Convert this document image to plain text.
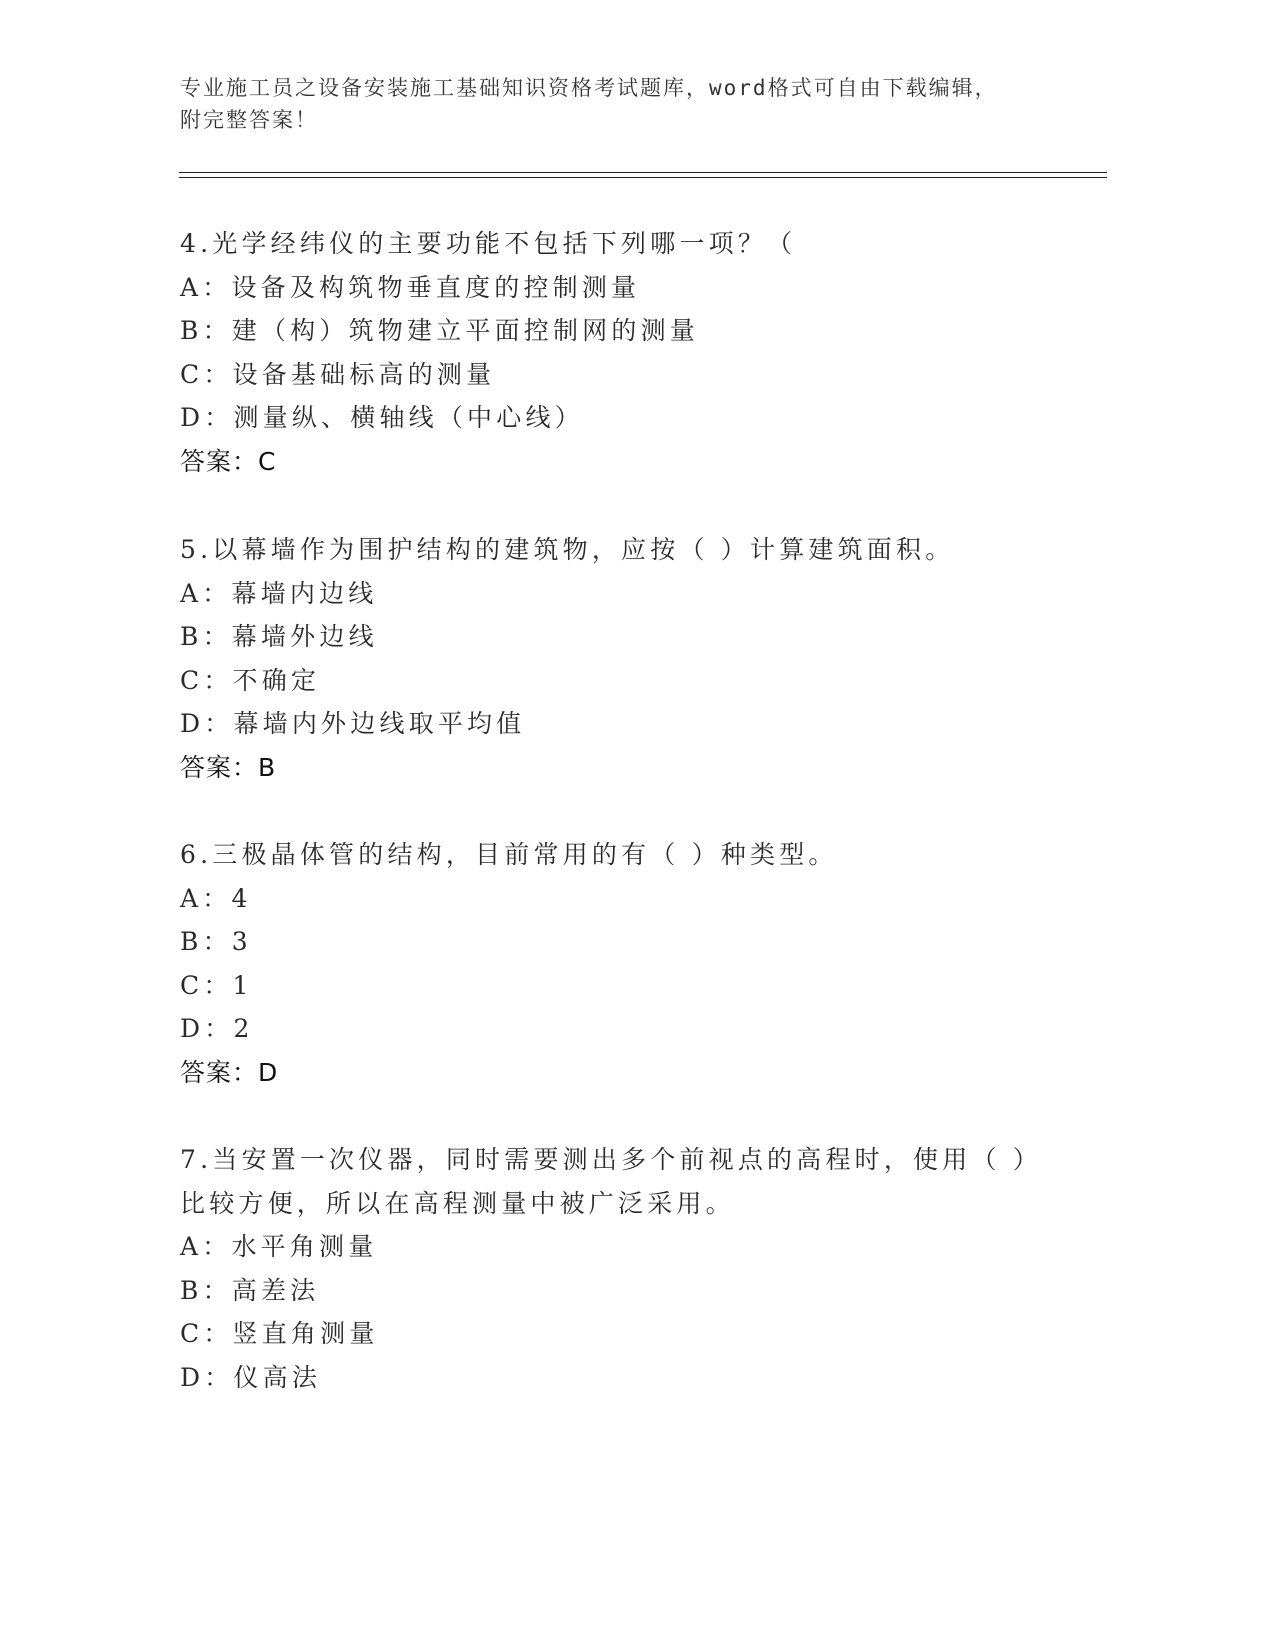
专业施工员之设备安装施工基础知识资格考试题库，word格式可自由下载编辑，
附完整答案！

4.光学经纬仪的主要功能不包括下列哪一项？（

A：设备及构筑物垂直度的控制测量

B：建（构）筑物建立平面控制网的测量

C：设备基础标高的测量

D：测量纵、横轴线（中心线）

答案：C

5.以幕墙作为围护结构的建筑物，应按（ ）计算建筑面积。

A：幕墙内边线

B：幕墙外边线

C：不确定

D：幕墙内外边线取平均值

答案：B

6.三极晶体管的结构，目前常用的有（ ）种类型。

A：4

B：3

C：1

D：2

答案：D

7.当安置一次仪器，同时需要测出多个前视点的高程时，使用（ ）比较方便，所以在高程测量中被广泛采用。

A：水平角测量

B：高差法

C：竖直角测量

D：仪高法
